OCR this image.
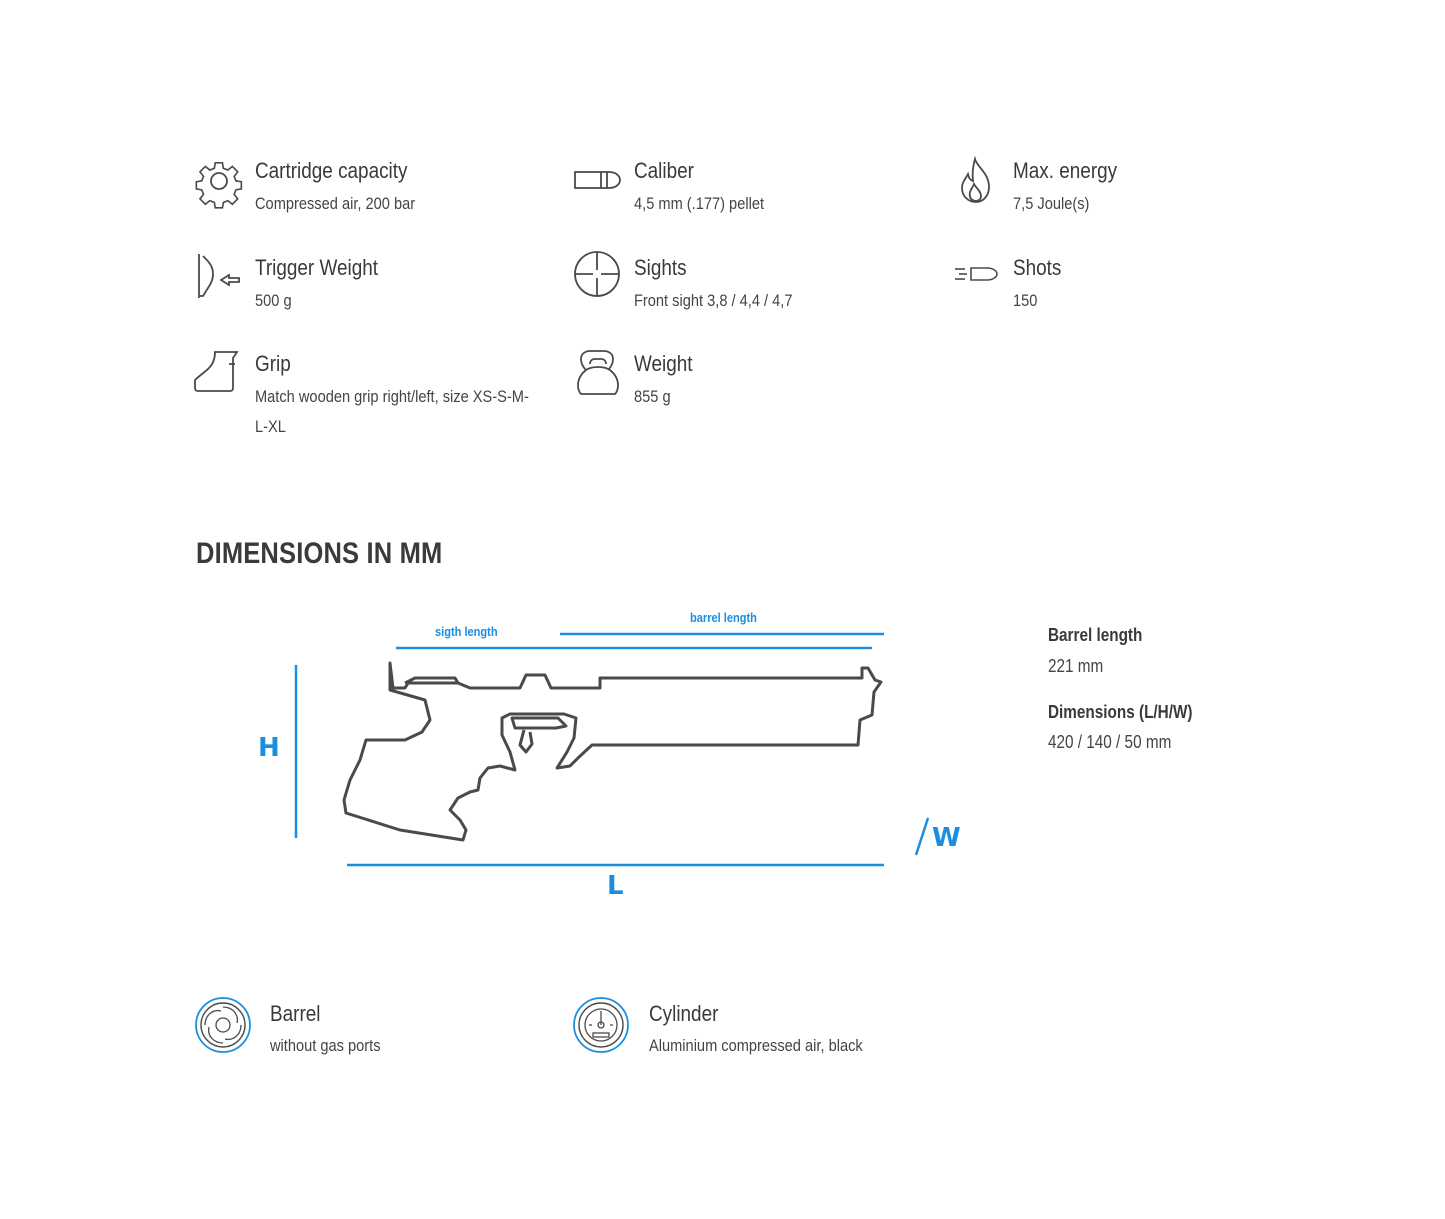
Cartridge capacity
Compressed air, 200 bar
Caliber
4,5 mm (.177) pellet
Max. energy
7,5 Joule(s)
Trigger Weight
500 g
Sights
Front sight 3,8 / 4,4 / 4,7
Shots
150
Grip
Match wooden grip right/left, size XS-S-M-L-XL
Weight
855 g
DIMENSIONS IN MM
sigth length
barrel length
H
L
W
Barrel length
221 mm
Dimensions (L/H/W)
420 / 140 / 50 mm
Barrel
without gas ports
Cylinder
Aluminium compressed air, black
